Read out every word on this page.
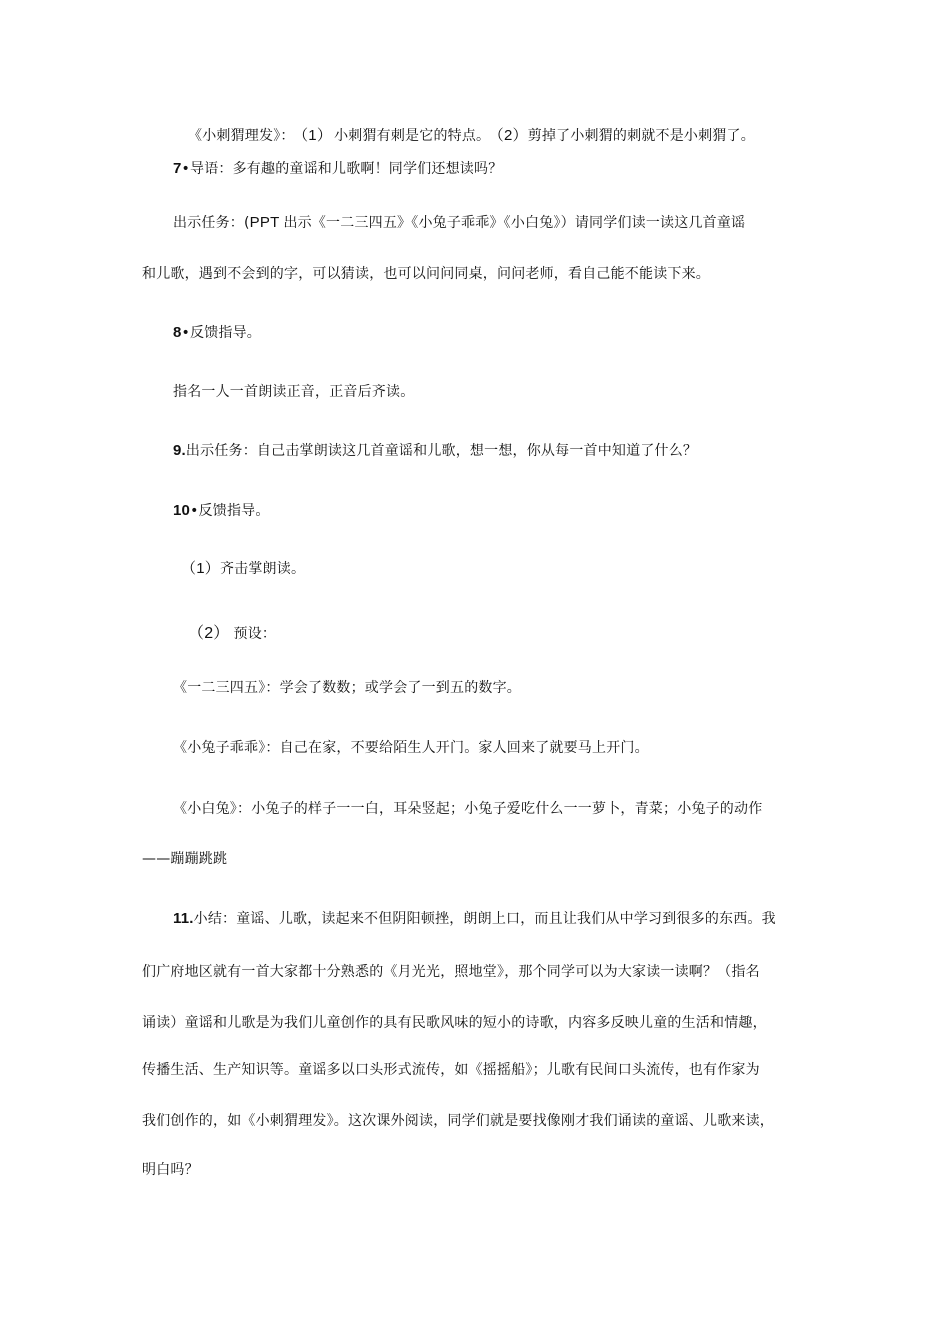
《小刺猬理发》： （1） 小刺猬有刺是它的特点。 （2）剪掉了小刺猬的刺就不是小刺猬了。
7•导语：多有趣的童谣和儿歌啊！同学们还想读吗？
出示任务：(PPT 出示《一二三四五》《小兔子乖乖》《小白兔》）请同学们读一读这几首童谣
和儿歌，遇到不会到的字，可以猜读，也可以问问同桌，问问老师，看自己能不能读下来。
8•反馈指导。
指名一人一首朗读正音，正音后齐读。
9.出示任务：自己击掌朗读这几首童谣和儿歌，想一想，你从每一首中知道了什么？
10•反馈指导。
（1）齐击掌朗读。
（2） 预设：
《一二三四五》：学会了数数；或学会了一到五的数字。
《小兔子乖乖》：自己在家，不要给陌生人开门。家人回来了就要马上开门。
《小白兔》：小兔子的样子一一白，耳朵竖起；小兔子爱吃什么一一萝卜，青菜；小兔子的动作
——蹦蹦跳跳
11.小结：童谣、儿歌，读起来不但阴阳顿挫，朗朗上口，而且让我们从中学习到很多的东西。我
们广府地区就有一首大家都十分熟悉的《月光光，照地堂》，那个同学可以为大家读一读啊？（指名
诵读）童谣和儿歌是为我们儿童创作的具有民歌风味的短小的诗歌，内容多反映儿童的生活和情趣，
传播生活、生产知识等。童谣多以口头形式流传，如《摇摇船》；儿歌有民间口头流传，也有作家为
我们创作的，如《小刺猬理发》。这次课外阅读，同学们就是要找像刚才我们诵读的童谣、儿歌来读，
明白吗？
